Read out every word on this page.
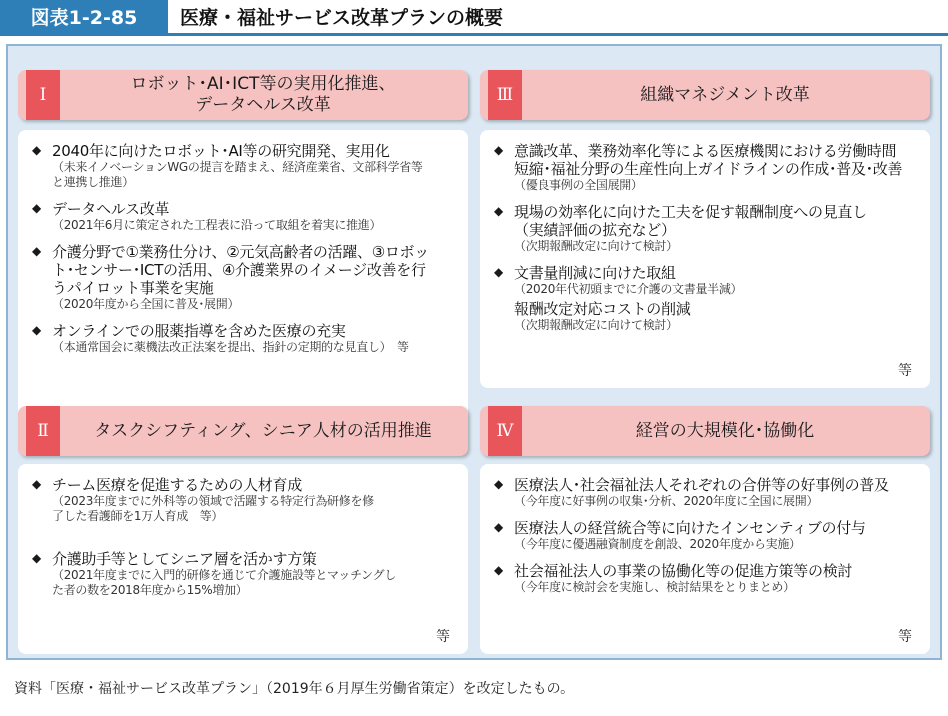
図表1-2-85	医療・福祉サービス改革プランの概要
Ⅰ
ロボット･AI･ICT等の実用化推進、
データヘルス改革
◆ 2040年に向けたロボット･AI等の研究開発、実用化
（未来イノベーションWGの提言を踏まえ、経済産業省、文部科学省等
と連携し推進）
◆ データヘルス改革
（2021年6月に策定された工程表に沿って取組を着実に推進）
◆ 介護分野で①業務仕分け、②元気高齢者の活躍、③ロボッ
ト･センサー･ICTの活用、④介護業界のイメージ改善を行
うパイロット事業を実施
（2020年度から全国に普及･展開）
◆ オンラインでの服薬指導を含めた医療の充実
（本通常国会に薬機法改正法案を提出、指針の定期的な見直し）　等
Ⅲ	組織マネジメント改革
◆ 意識改革、業務効率化等による医療機関における労働時間
短縮･福祉分野の生産性向上ガイドラインの作成･普及･改善
（優良事例の全国展開）
◆ 現場の効率化に向けた工夫を促す報酬制度への見直し
（実績評価の拡充など）
（次期報酬改定に向けて検討）
◆ 文書量削減に向けた取組
（2020年代初頭までに介護の文書量半減）
報酬改定対応コストの削減
（次期報酬改定に向けて検討）
等
Ⅱ	タスクシフティング、シニア人材の活用推進
◆ チーム医療を促進するための人材育成
（2023年度までに外科等の領域で活躍する特定行為研修を修
了した看護師を1万人育成　等）
◆ 介護助手等としてシニア層を活かす方策
（2021年度までに入門的研修を通じて介護施設等とマッチングし
た者の数を2018年度から15%増加）
等
Ⅳ	経営の大規模化･協働化
◆ 医療法人･社会福祉法人それぞれの合併等の好事例の普及
（今年度に好事例の収集･分析、2020年度に全国に展開）
◆ 医療法人の経営統合等に向けたインセンティブの付与
（今年度に優遇融資制度を創設、2020年度から実施）
◆ 社会福祉法人の事業の協働化等の促進方策等の検討
（今年度に検討会を実施し、検討結果をとりまとめ）
等
資料「医療・福祉サービス改革プラン」（2019年６月厚生労働省策定）を改定したもの。
